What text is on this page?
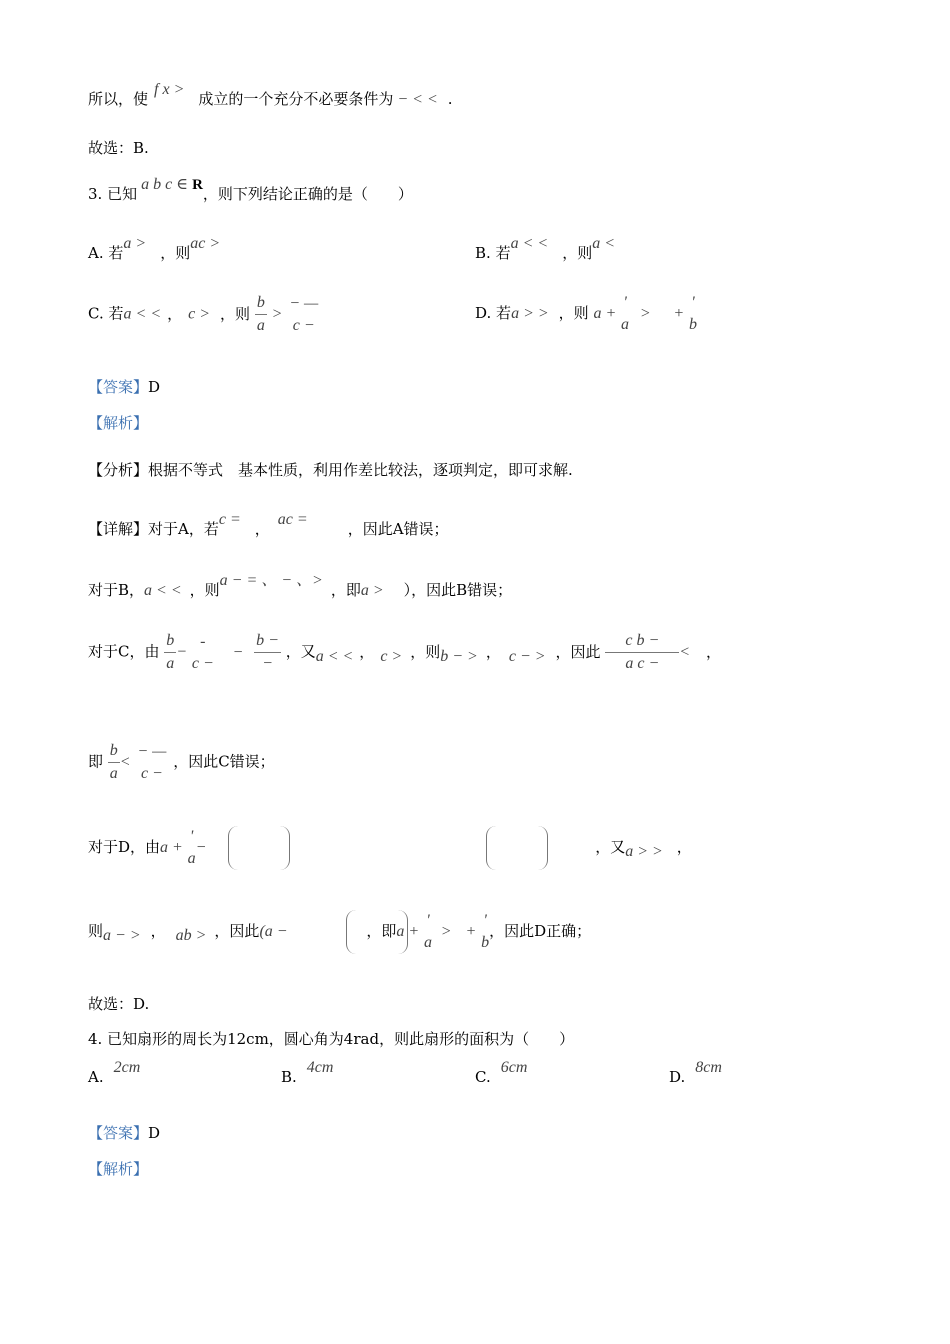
所以，使f x >成立的一个充分不必要条件为 − < < .
故选：B.
3. 已知a b c ∈ R，则下列结论正确的是（　　）
A. 若a >，则ac >
B. 若a < <，则a <
C. 若a < < ， c > ，则 $\frac{b}{a}$ >
− —
c −
D. 若a > > ，则 a +
'
a
> +
'
b
【答案】D
【解析】
【分析】根据不等式　基本性质，利用作差比较法，逐项判定，即可求解.
【详解】对于A，若c =，ac =，因此A错误；
对于B，a < < ，则a − = 、 − 、>，即a > ），因此B错误；
对于C，由 $\frac{b}{a}$ −
-
c −
− $\frac{b -}{-}$ ，又a < < ， c > ，则b − > ， c − > ，因此 $\frac{\text{c b −}}{\text{a c −}}$ < ，
即 $\frac{b}{a}$ <
− —
c −
，因此C错误；
对于D，由a +
'
a
−	，又a > > ，
则a − > ， ab > ，因此(a −	，即a +
'
a
> +
'
b
，因此D正确；
故选：D.
4. 已知扇形的周长为12cm，圆心角为4rad，则此扇形的面积为（　　）
A.2cm
B.4cm
C.6cm
D.8cm
【答案】D
【解析】
